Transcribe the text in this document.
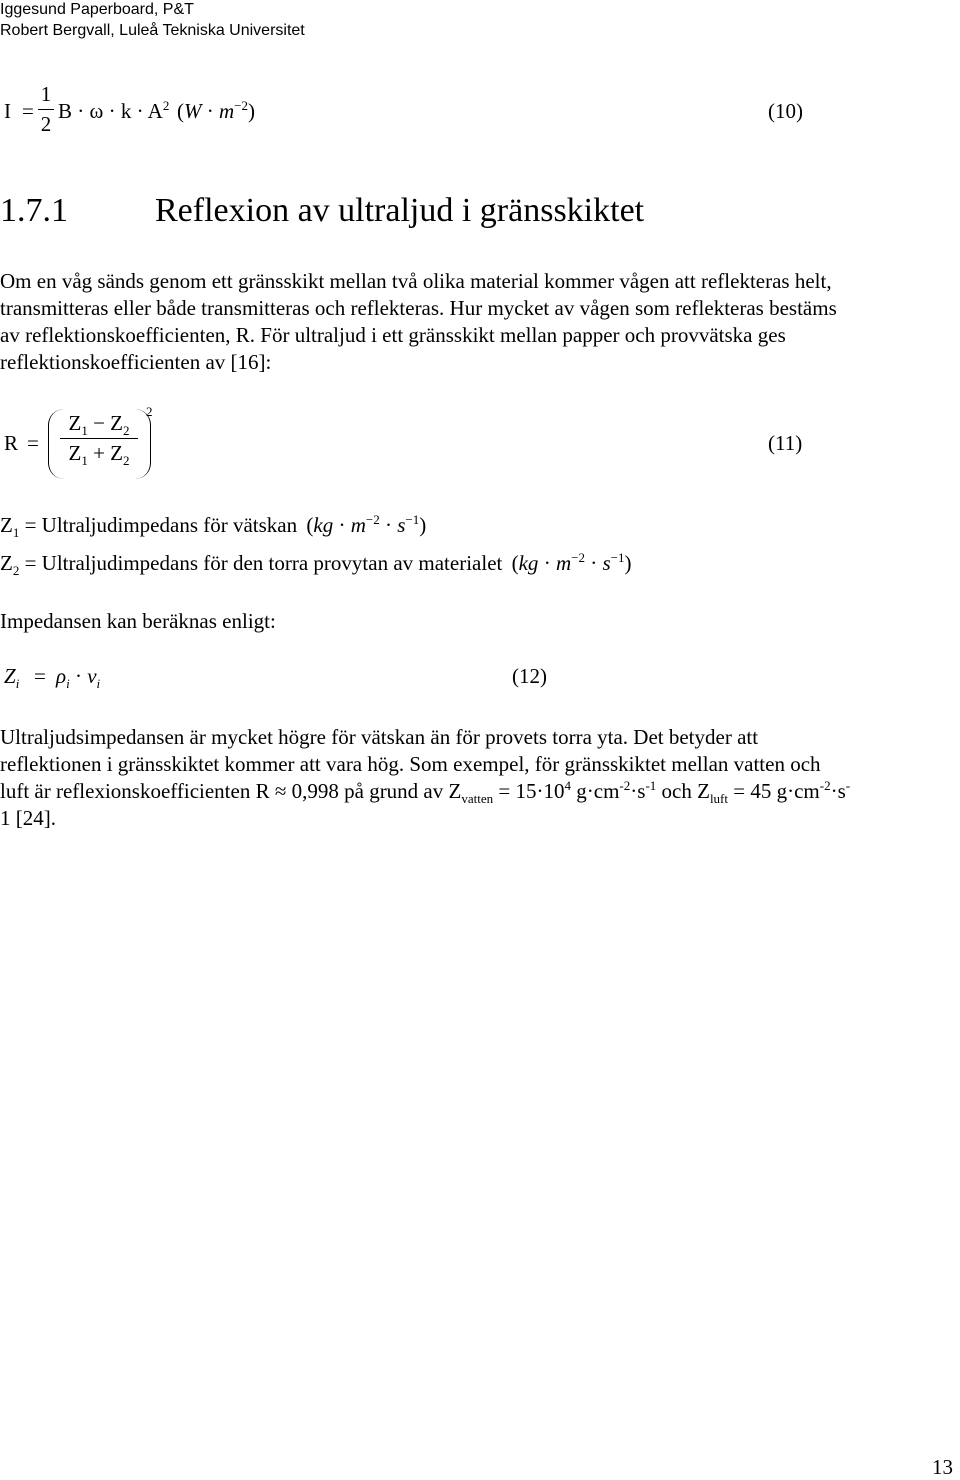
Iggesund Paperboard, P&T
Robert Bergvall, Luleå Tekniska Universitet
I =
1
2
$B \cdot \omega \cdot k \cdot A^2$ $(W \cdot m^{-2})$	(10)
1.7.1	Reflexion av ultraljud i gränsskiktet
Om en våg sänds genom ett gränsskikt mellan två olika material kommer vågen att reflekteras helt,
transmitteras eller både transmitteras och reflekteras. Hur mycket av vågen som reflekteras bestäms
av reflektionskoefficienten, R. För ultraljud i ett gränsskikt mellan papper och provvätska ges
reflektionskoefficienten av [16]:
R =
$Z_1 - Z_2$
$Z_1 + Z_2$
2
(11)
$Z_1$ = Ultraljudimpedans för vätskan $(kg \cdot m^{-2} \cdot s^{-1})$
$Z_2$ = Ultraljudimpedans för den torra provytan av materialet $(kg \cdot m^{-2} \cdot s^{-1})$
Impedansen kan beräknas enligt:
$Z_i = \rho_i \cdot v_i$	(12)
Ultraljudsimpedansen är mycket högre för vätskan än för provets torra yta. Det betyder att
reflektionen i gränsskiktet kommer att vara hög. Som exempel, för gränsskiktet mellan vatten och
luft är reflexionskoefficienten R ≈ 0,998 på grund av $Z_{vatten} = 15\cdot 10^4$ $g\cdot cm^{-2}\cdot s^{-1}$ och $Z_{luft} = 45$ $g\cdot cm^{-2}\cdot s^-$
1 [24].
13
